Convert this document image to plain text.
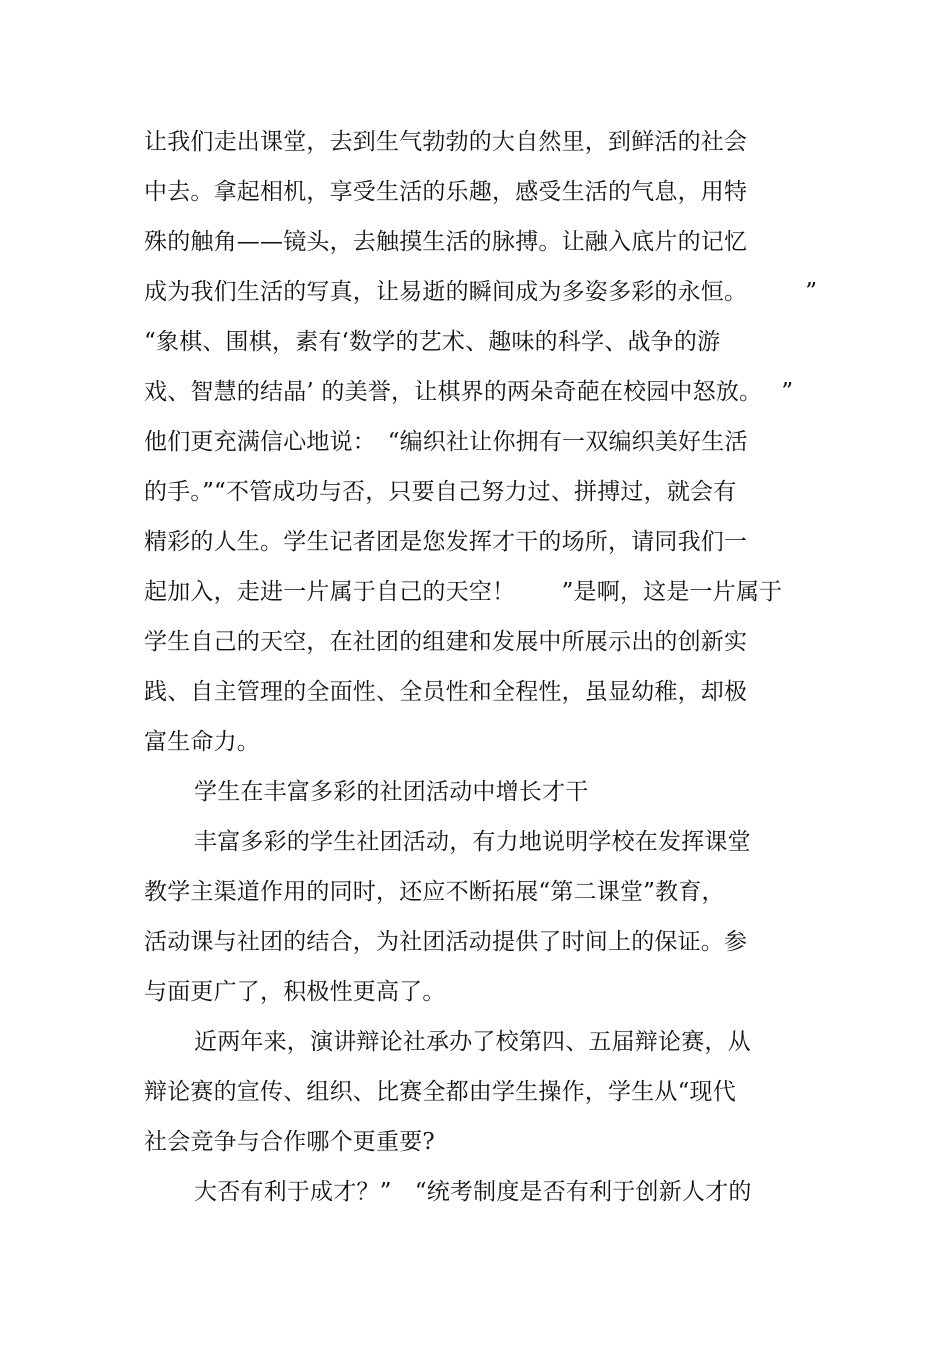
让我们走出课堂，去到生气勃勃的大自然里，到鲜活的社会
中去。拿起相机，享受生活的乐趣，感受生活的气息，用特
殊的触角——镜头，去触摸生活的脉搏。让融入底片的记忆
成为我们生活的写真，让易逝的瞬间成为多姿多彩的永恒。　　　”
“象棋、围棋，素有‘数学的艺术、趣味的科学、战争的游
戏、智慧的结晶’ 的美誉，让棋界的两朵奇葩在校园中怒放。　 ”
他们更充满信心地说：　“编织社让你拥有一双编织美好生活
的手。”“不管成功与否，只要自己努力过、拼搏过，就会有
精彩的人生。学生记者团是您发挥才干的场所，请同我们一
起加入，走进一片属于自己的天空！　　”是啊，这是一片属于
学生自己的天空，在社团的组建和发展中所展示出的创新实
践、自主管理的全面性、全员性和全程性，虽显幼稚，却极
富生命力。
学生在丰富多彩的社团活动中增长才干
丰富多彩的学生社团活动，有力地说明学校在发挥课堂
教学主渠道作用的同时，还应不断拓展“第二课堂”教育，
活动课与社团的结合，为社团活动提供了时间上的保证。参
与面更广了，积极性更高了。
近两年来，演讲辩论社承办了校第四、五届辩论赛，从
辩论赛的宣传、组织、比赛全都由学生操作，学生从“现代
社会竞争与合作哪个更重要?
大否有利于成才？”　“统考制度是否有利于创新人才的
